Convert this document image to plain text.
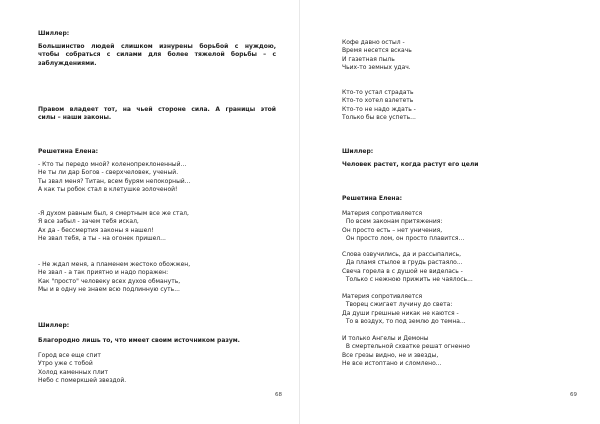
Шиллер:
Большинство людей слишком изнурены борьбой с нуждою,
чтобы собраться с силами для более тяжелой борьбы – с
заблуждениями.
Правом владеет тот, на чьей стороне сила. А границы этой
силы – наши законы.
Решетина Елена:
- Кто ты передо мной? коленопреклоненный...
Не ты ли дар Богов - сверхчеловек, ученый.
Ты звал меня? Титан, всем бурям непокорный...
А как ты робок стал в клетушке золоченой!
-Я духом равным был, я смертным все же стал,
Я все забыл - зачем тебя искал,
Ах да - бессмертия законы я нашел!
Не звал тебя, а ты - на огонек пришел...
- Не ждал меня, а пламенем жестоко обожжен,
Не звал - а так приятно и надо поражен:
Как "просто" человеку всех духов обмануть,
Мы и в одну не знаем всю подлинную суть...
Шиллер:
Благородно лишь то, что имеет своим источником разум.
Город все еще спит
Утро уже с тобой
Холод каменных плит
Небо с померкшей звездой.
68
Кофе давно остыл -
Время несется вскачь
И газетная пыль
Чьих-то земных удач.
Кто-то устал страдать
Кто-то хотел взлететь
Кто-то не надо ждать -
Только бы все успеть...
Шиллер:
Человек растет, когда растут его цели
Решетина Елена:
Материя сопротивляется
По всем законам притяжения:
Он просто есть – нет уничения,
Он просто лом, он просто плавится...
Слова озвучились, да и рассыпались,
Да пламя стылое в грудь растаяло...
Свеча горела в с душой не виделась -
Только с нежною прижить не чаялось...
Материя сопротивляется
Творец сжигает лучину до света:
Да души грешные никак не каются -
То в воздух, то под землю до темна...
И только Ангелы и Демоны
В смертельной схватке решат огненно
Все грезы видно, не и звезды,
Не все истоптано и сломлено...
69
